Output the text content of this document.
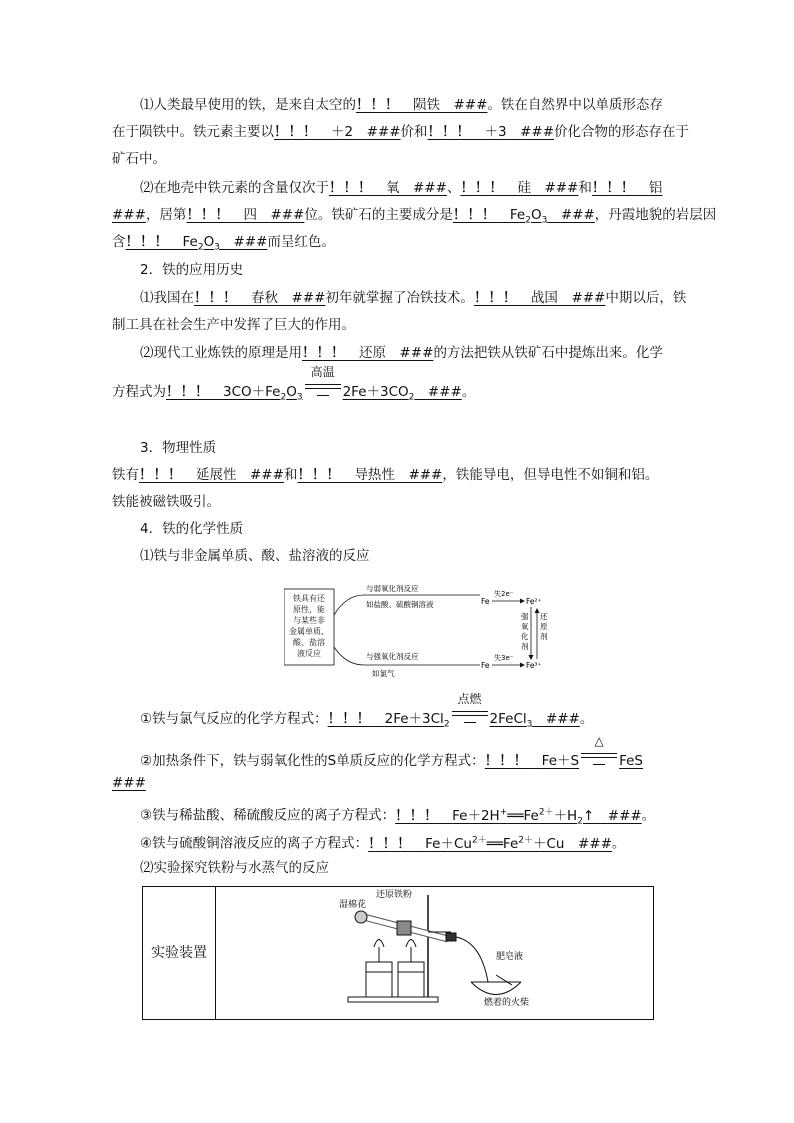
⑴人类最早使用的铁，是来自太空的！！！　 陨铁　 ###。铁在自然界中以单质形态存
在于陨铁中。铁元素主要以！！！　 ＋2　 ###价和！！！　 ＋3　 ###价化合物的形态存在于
矿石中。
⑵在地壳中铁元素的含量仅次于！！！　 氧　 ###、！！！　 硅　 ###和！！！　 铝
###，居第！！！　 四　 ###位。铁矿石的主要成分是！！！　 $Fe_2O_3$　 ###，丹霞地貌的岩层因
含！！！　 $Fe_2O_3$　 ###而呈红色。
2．铁的应用历史
⑴我国在！！！　 春秋　 ###初年就掌握了冶铁技术。！！！　 战国　 ###中期以后，铁
制工具在社会生产中发挥了巨大的作用。
⑵现代工业炼铁的原理是用！！！　 还原　 ###的方法把铁从铁矿石中提炼出来。化学
方程式为！！！　 $3CO+Fe_2O_3$
高温
$2Fe+3CO_2$　 ###。
3．物理性质
铁有！！！　 延展性　 ###和！！！　 导热性　 ###，铁能导电，但导电性不如铜和铝。
铁能被磁铁吸引。
4．铁的化学性质
⑴铁与非金属单质、酸、盐溶液的反应
铁具有还
原性，能
与某些非
金属单质、
酸、盐溶
液反应
与弱氧化剂反应
如盐酸、硫酸铜溶液
与强氧化剂反应
如氯气
Fe
失2e⁻
Fe²⁺
Fe
失3e⁻
Fe³⁺
强
氧
化
剂
还
原
剂
①铁与氯气反应的化学方程式：！！！　 $2Fe+3Cl_2$
点燃
2FeCl$_3$　 ###。
②加热条件下，铁与弱氧化性的S单质反应的化学方程式：！！！　 Fe＋S
△
FeS
###
③铁与稀盐酸、稀硫酸反应的离子方程式：！！！　 $Fe+2H^+══Fe^{2+}+H_2↑$　 ###。
④铁与硫酸铜溶液反应的离子方程式：！！！　 $Fe+Cu^{2+}══Fe^{2+}+Cu$　 ###。
⑵实验探究铁粉与水蒸气的反应
实验装置
湿棉花
还原铁粉
肥皂液
燃着的火柴
